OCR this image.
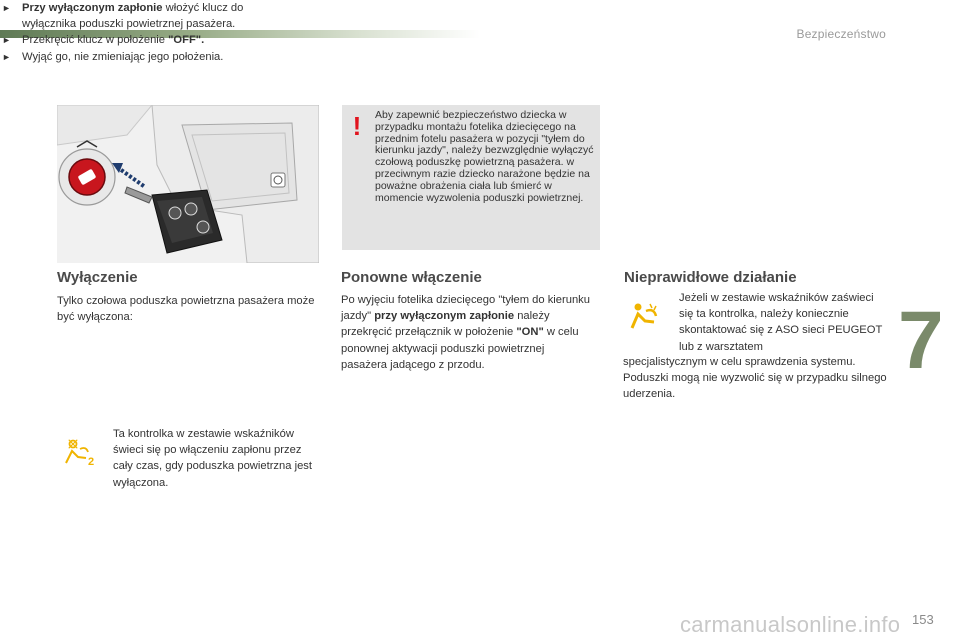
Bezpieczeństwo
! Aby zapewnić bezpieczeństwo dziecka w przypadku montażu fotelika dziecięcego na przednim fotelu pasażera w pozycji "tyłem do kierunku jazdy", należy bezwzględnie wyłączyć czołową poduszkę powietrzną pasażera. w przeciwnym razie dziecko narażone będzie na poważne obrażenia ciała lub śmierć w momencie wyzwolenia poduszki powietrznej.
Wyłączenie
Tylko czołowa poduszka powietrzna pasażera może być wyłączona:
► Przy wyłączonym zapłonie włożyć klucz do wyłącznika poduszki powietrznej pasażera.
► Przekręcić klucz w położenie "OFF".
► Wyjąć go, nie zmieniając jego położenia.
2
Ta kontrolka w zestawie wskaźników świeci się po włączeniu zapłonu przez cały czas, gdy poduszka powietrzna jest wyłączona.
Ponowne włączenie
Po wyjęciu fotelika dziecięcego "tyłem do kierunku jazdy" przy wyłączonym zapłonie należy przekręcić przełącznik w położenie "ON" w celu ponownej aktywacji poduszki powietrznej pasażera jadącego z przodu.
Nieprawidłowe działanie
Jeżeli w zestawie wskaźników zaświeci się ta kontrolka, należy koniecznie skontaktować się z ASO sieci PEUGEOT lub z warsztatem
specjalistycznym w celu sprawdzenia systemu. Poduszki mogą nie wyzwolić się w przypadku silnego uderzenia.
7
carmanualsonline.info 153
